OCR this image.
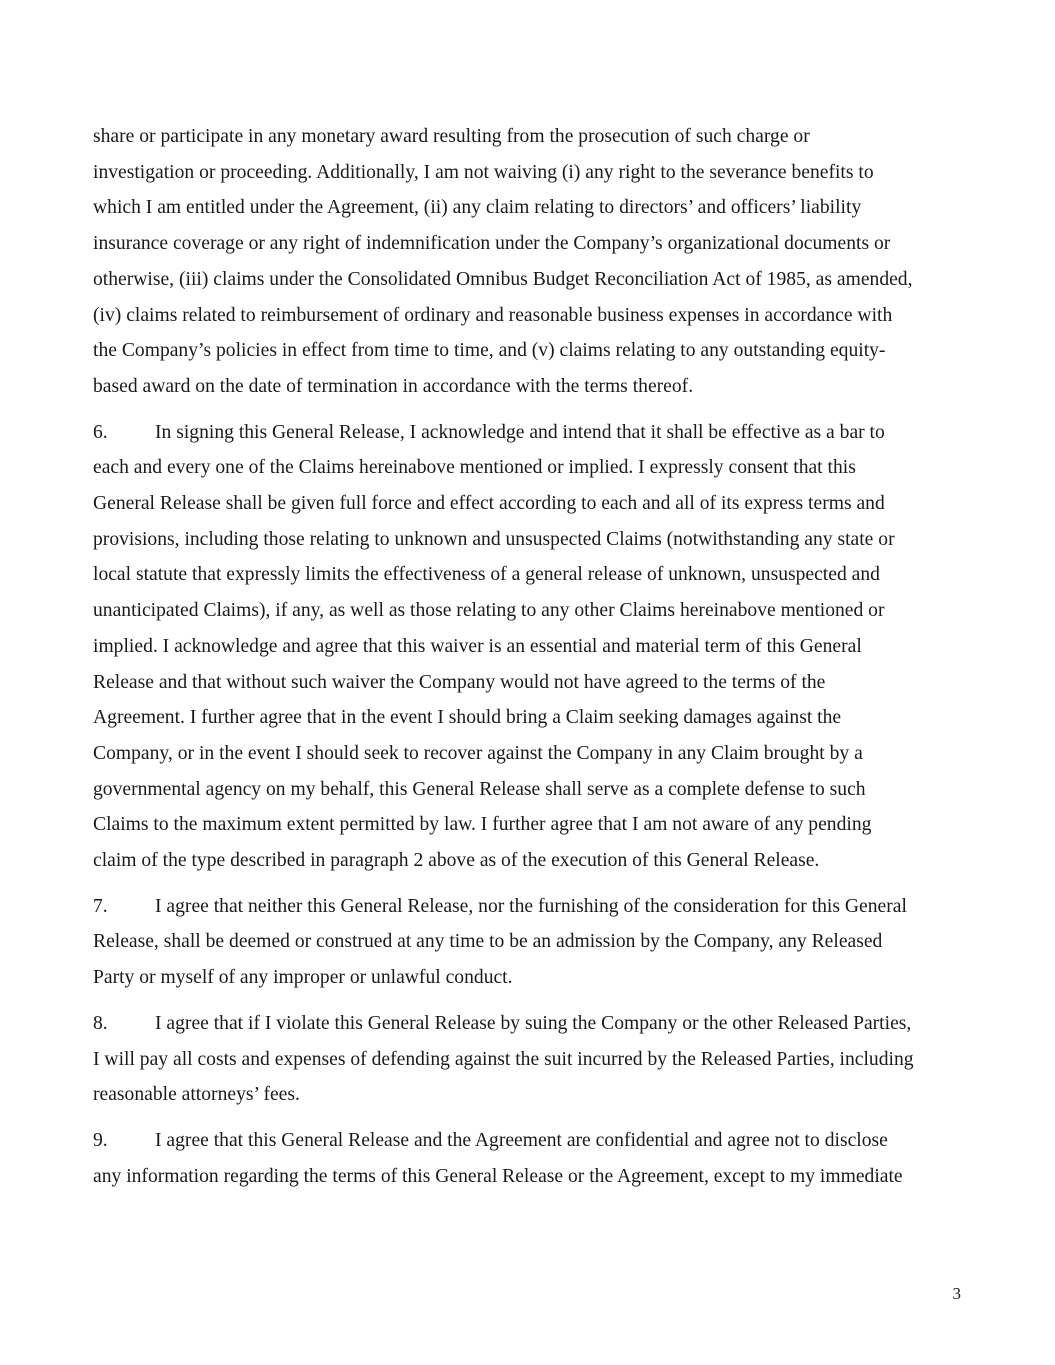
share or participate in any monetary award resulting from the prosecution of such charge or
investigation or proceeding. Additionally, I am not waiving (i) any right to the severance benefits to
which I am entitled under the Agreement, (ii) any claim relating to directors’ and officers’ liability
insurance coverage or any right of indemnification under the Company’s organizational documents or
otherwise, (iii) claims under the Consolidated Omnibus Budget Reconciliation Act of 1985, as amended,
(iv) claims related to reimbursement of ordinary and reasonable business expenses in accordance with
the Company’s policies in effect from time to time, and (v) claims relating to any outstanding equity-
based award on the date of termination in accordance with the terms thereof.

6. In signing this General Release, I acknowledge and intend that it shall be effective as a bar to
each and every one of the Claims hereinabove mentioned or implied. I expressly consent that this
General Release shall be given full force and effect according to each and all of its express terms and
provisions, including those relating to unknown and unsuspected Claims (notwithstanding any state or
local statute that expressly limits the effectiveness of a general release of unknown, unsuspected and
unanticipated Claims), if any, as well as those relating to any other Claims hereinabove mentioned or
implied. I acknowledge and agree that this waiver is an essential and material term of this General
Release and that without such waiver the Company would not have agreed to the terms of the
Agreement. I further agree that in the event I should bring a Claim seeking damages against the
Company, or in the event I should seek to recover against the Company in any Claim brought by a
governmental agency on my behalf, this General Release shall serve as a complete defense to such
Claims to the maximum extent permitted by law. I further agree that I am not aware of any pending
claim of the type described in paragraph 2 above as of the execution of this General Release.

7. I agree that neither this General Release, nor the furnishing of the consideration for this General
Release, shall be deemed or construed at any time to be an admission by the Company, any Released
Party or myself of any improper or unlawful conduct.

8. I agree that if I violate this General Release by suing the Company or the other Released Parties,
I will pay all costs and expenses of defending against the suit incurred by the Released Parties, including
reasonable attorneys’ fees.

9. I agree that this General Release and the Agreement are confidential and agree not to disclose
any information regarding the terms of this General Release or the Agreement, except to my immediate

3
